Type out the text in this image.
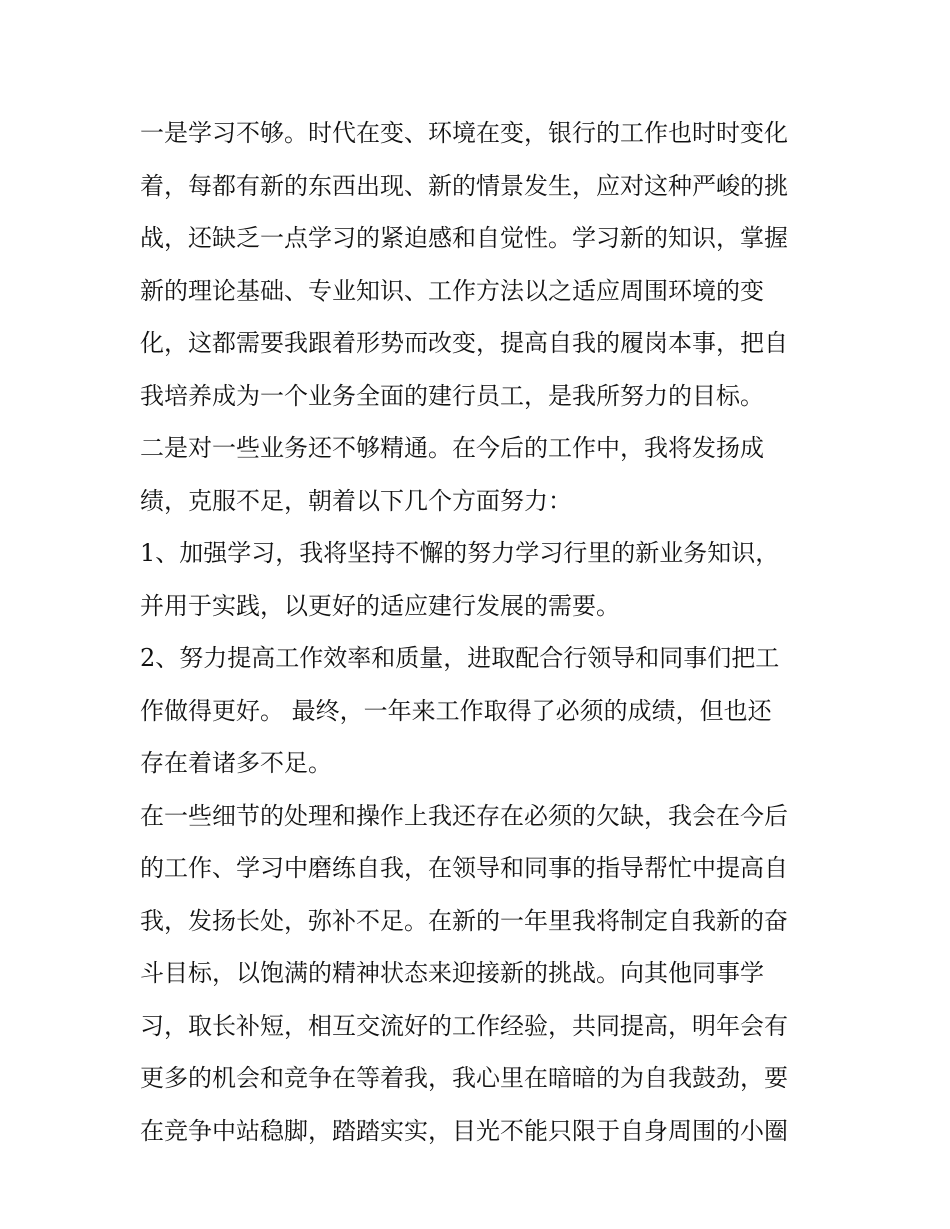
一是学习不够。时代在变、环境在变，银行的工作也时时变化
着，每都有新的东西出现、新的情景发生，应对这种严峻的挑
战，还缺乏一点学习的紧迫感和自觉性。学习新的知识，掌握
新的理论基础、专业知识、工作方法以之适应周围环境的变
化，这都需要我跟着形势而改变，提高自我的履岗本事，把自
我培养成为一个业务全面的建行员工，是我所努力的目标。
二是对一些业务还不够精通。在今后的工作中，我将发扬成
绩，克服不足，朝着以下几个方面努力：
1、加强学习，我将坚持不懈的努力学习行里的新业务知识，
并用于实践，以更好的适应建行发展的需要。
2、努力提高工作效率和质量，进取配合行领导和同事们把工
作做得更好。 最终，一年来工作取得了必须的成绩，但也还
存在着诸多不足。
在一些细节的处理和操作上我还存在必须的欠缺，我会在今后
的工作、学习中磨练自我，在领导和同事的指导帮忙中提高自
我，发扬长处，弥补不足。在新的一年里我将制定自我新的奋
斗目标，以饱满的精神状态来迎接新的挑战。向其他同事学
习，取长补短，相互交流好的工作经验，共同提高，明年会有
更多的机会和竞争在等着我，我心里在暗暗的为自我鼓劲，要
在竞争中站稳脚，踏踏实实，目光不能只限于自身周围的小圈
